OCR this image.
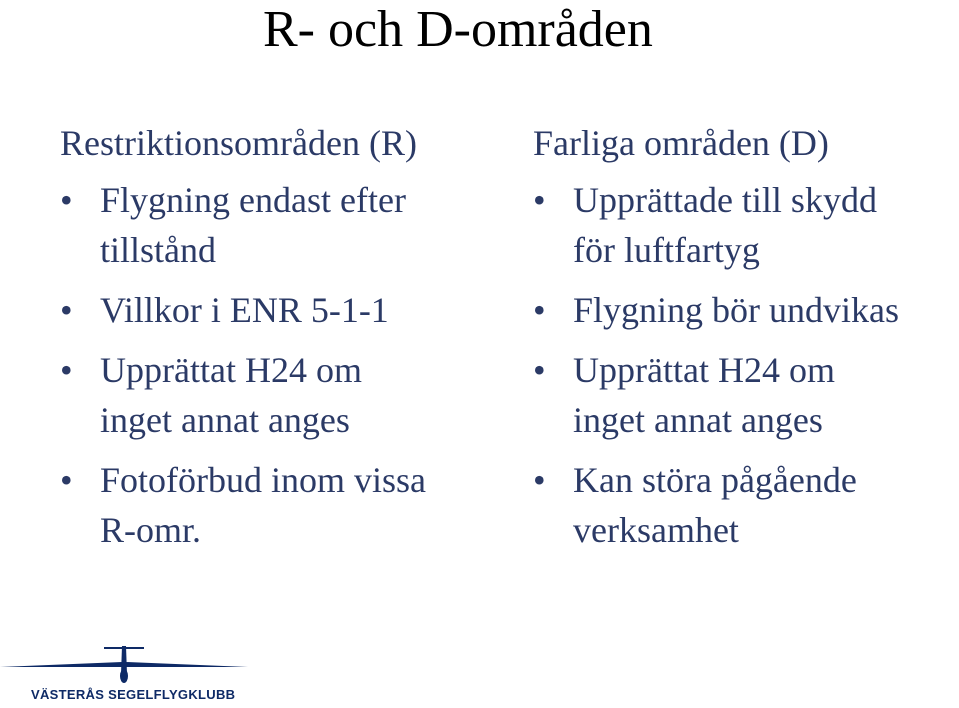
R- och D-områden
Restriktionsområden (R)
• Flygning endast efter
tillstånd
• Villkor i ENR 5-1-1
• Upprättat H24 om
inget annat anges
• Fotoförbud inom vissa
R-omr.
Farliga områden (D)
• Upprättade till skydd
för luftfartyg
• Flygning bör undvikas
• Upprättat H24 om
inget annat anges
• Kan störa pågående
verksamhet
VÄSTERÅS SEGELFLYGKLUBB
